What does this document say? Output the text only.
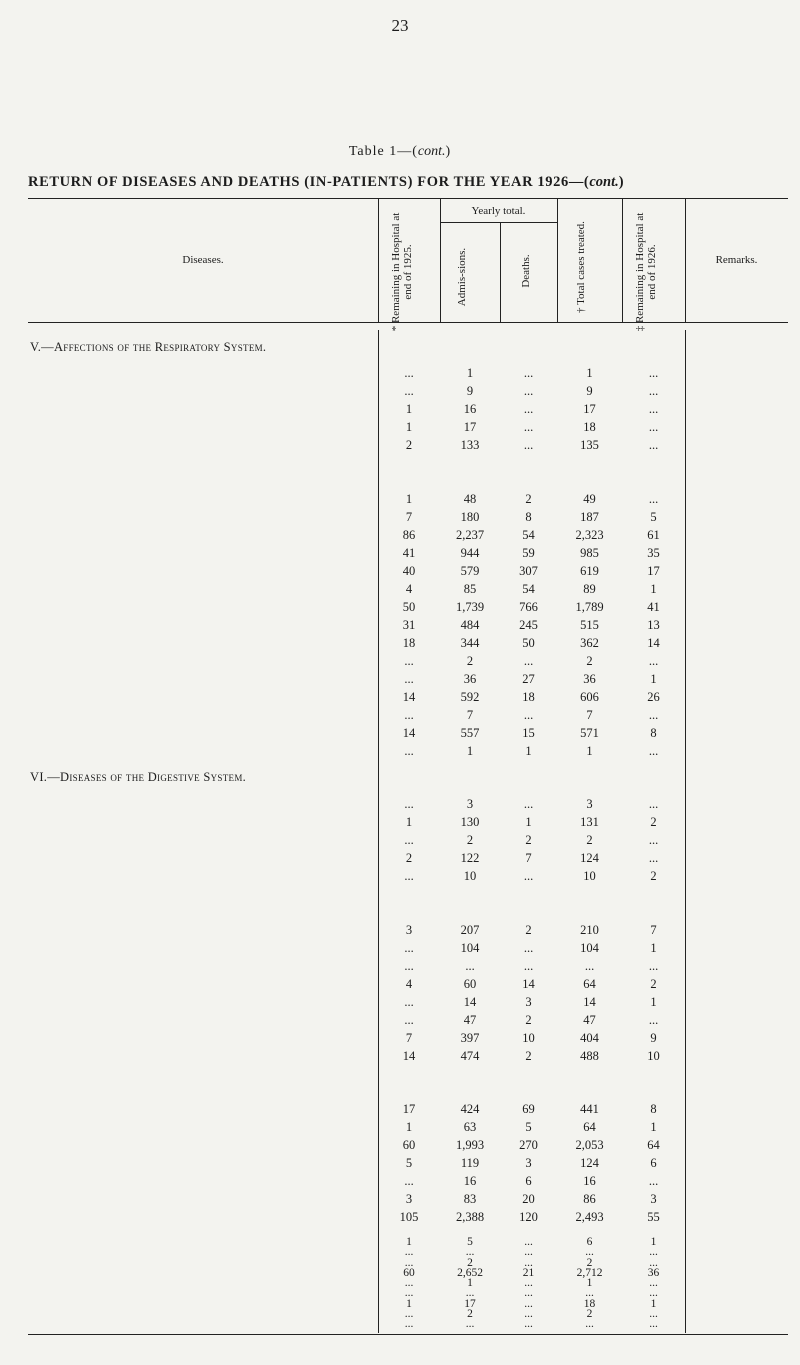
23
Table 1—(cont.)
RETURN OF DISEASES AND DEATHS (IN-PATIENTS) FOR THE YEAR 1926—(cont.)
Diseases.
Yearly total.
Remarks.
* Remaining in Hospital at end of 1925.	Admis-sions.	Deaths.	† Total cases treated.	‡ Remaining in Hospital at end of 1926.
V.—Affections of the Respiratory System.
VI.—Diseases of the Digestive System.
...	1	...	1	...
...	9	...	9	...
1	16	...	17	...
1	17	...	18	...
2	133	...	135	...
1	48	2	49	...
7	180	8	187	5
86	2,237	54	2,323	61
41	944	59	985	35
40	579	307	619	17
4	85	54	89	1
50	1,739	766	1,789	41
31	484	245	515	13
18	344	50	362	14
...	2	...	2	...
...	36	27	36	1
14	592	18	606	26
...	7	...	7	...
14	557	15	571	8
...	1	1	1	...
...	3	...	3	...
1	130	1	131	2
...	2	2	2	...
2	122	7	124	...
...	10	...	10	2
3	207	2	210	7
...	104	...	104	1
...	...	...	...	...
4	60	14	64	2
...	14	3	14	1
...	47	2	47	...
7	397	10	404	9
14	474	2	488	10
17	424	69	441	8
1	63	5	64	1
60	1,993	270	2,053	64
5	119	3	124	6
...	16	6	16	...
3	83	20	86	3
105	2,388	120	2,493	55
1	5	...	6	1
...	...	...	...	...
...	2	...	2	...
60	2,652	21	2,712	36
...	1	...	1	...
...	...	...	...	...
1	17	...	18	1
...	2	...	2	...
...	...	...	...	...
